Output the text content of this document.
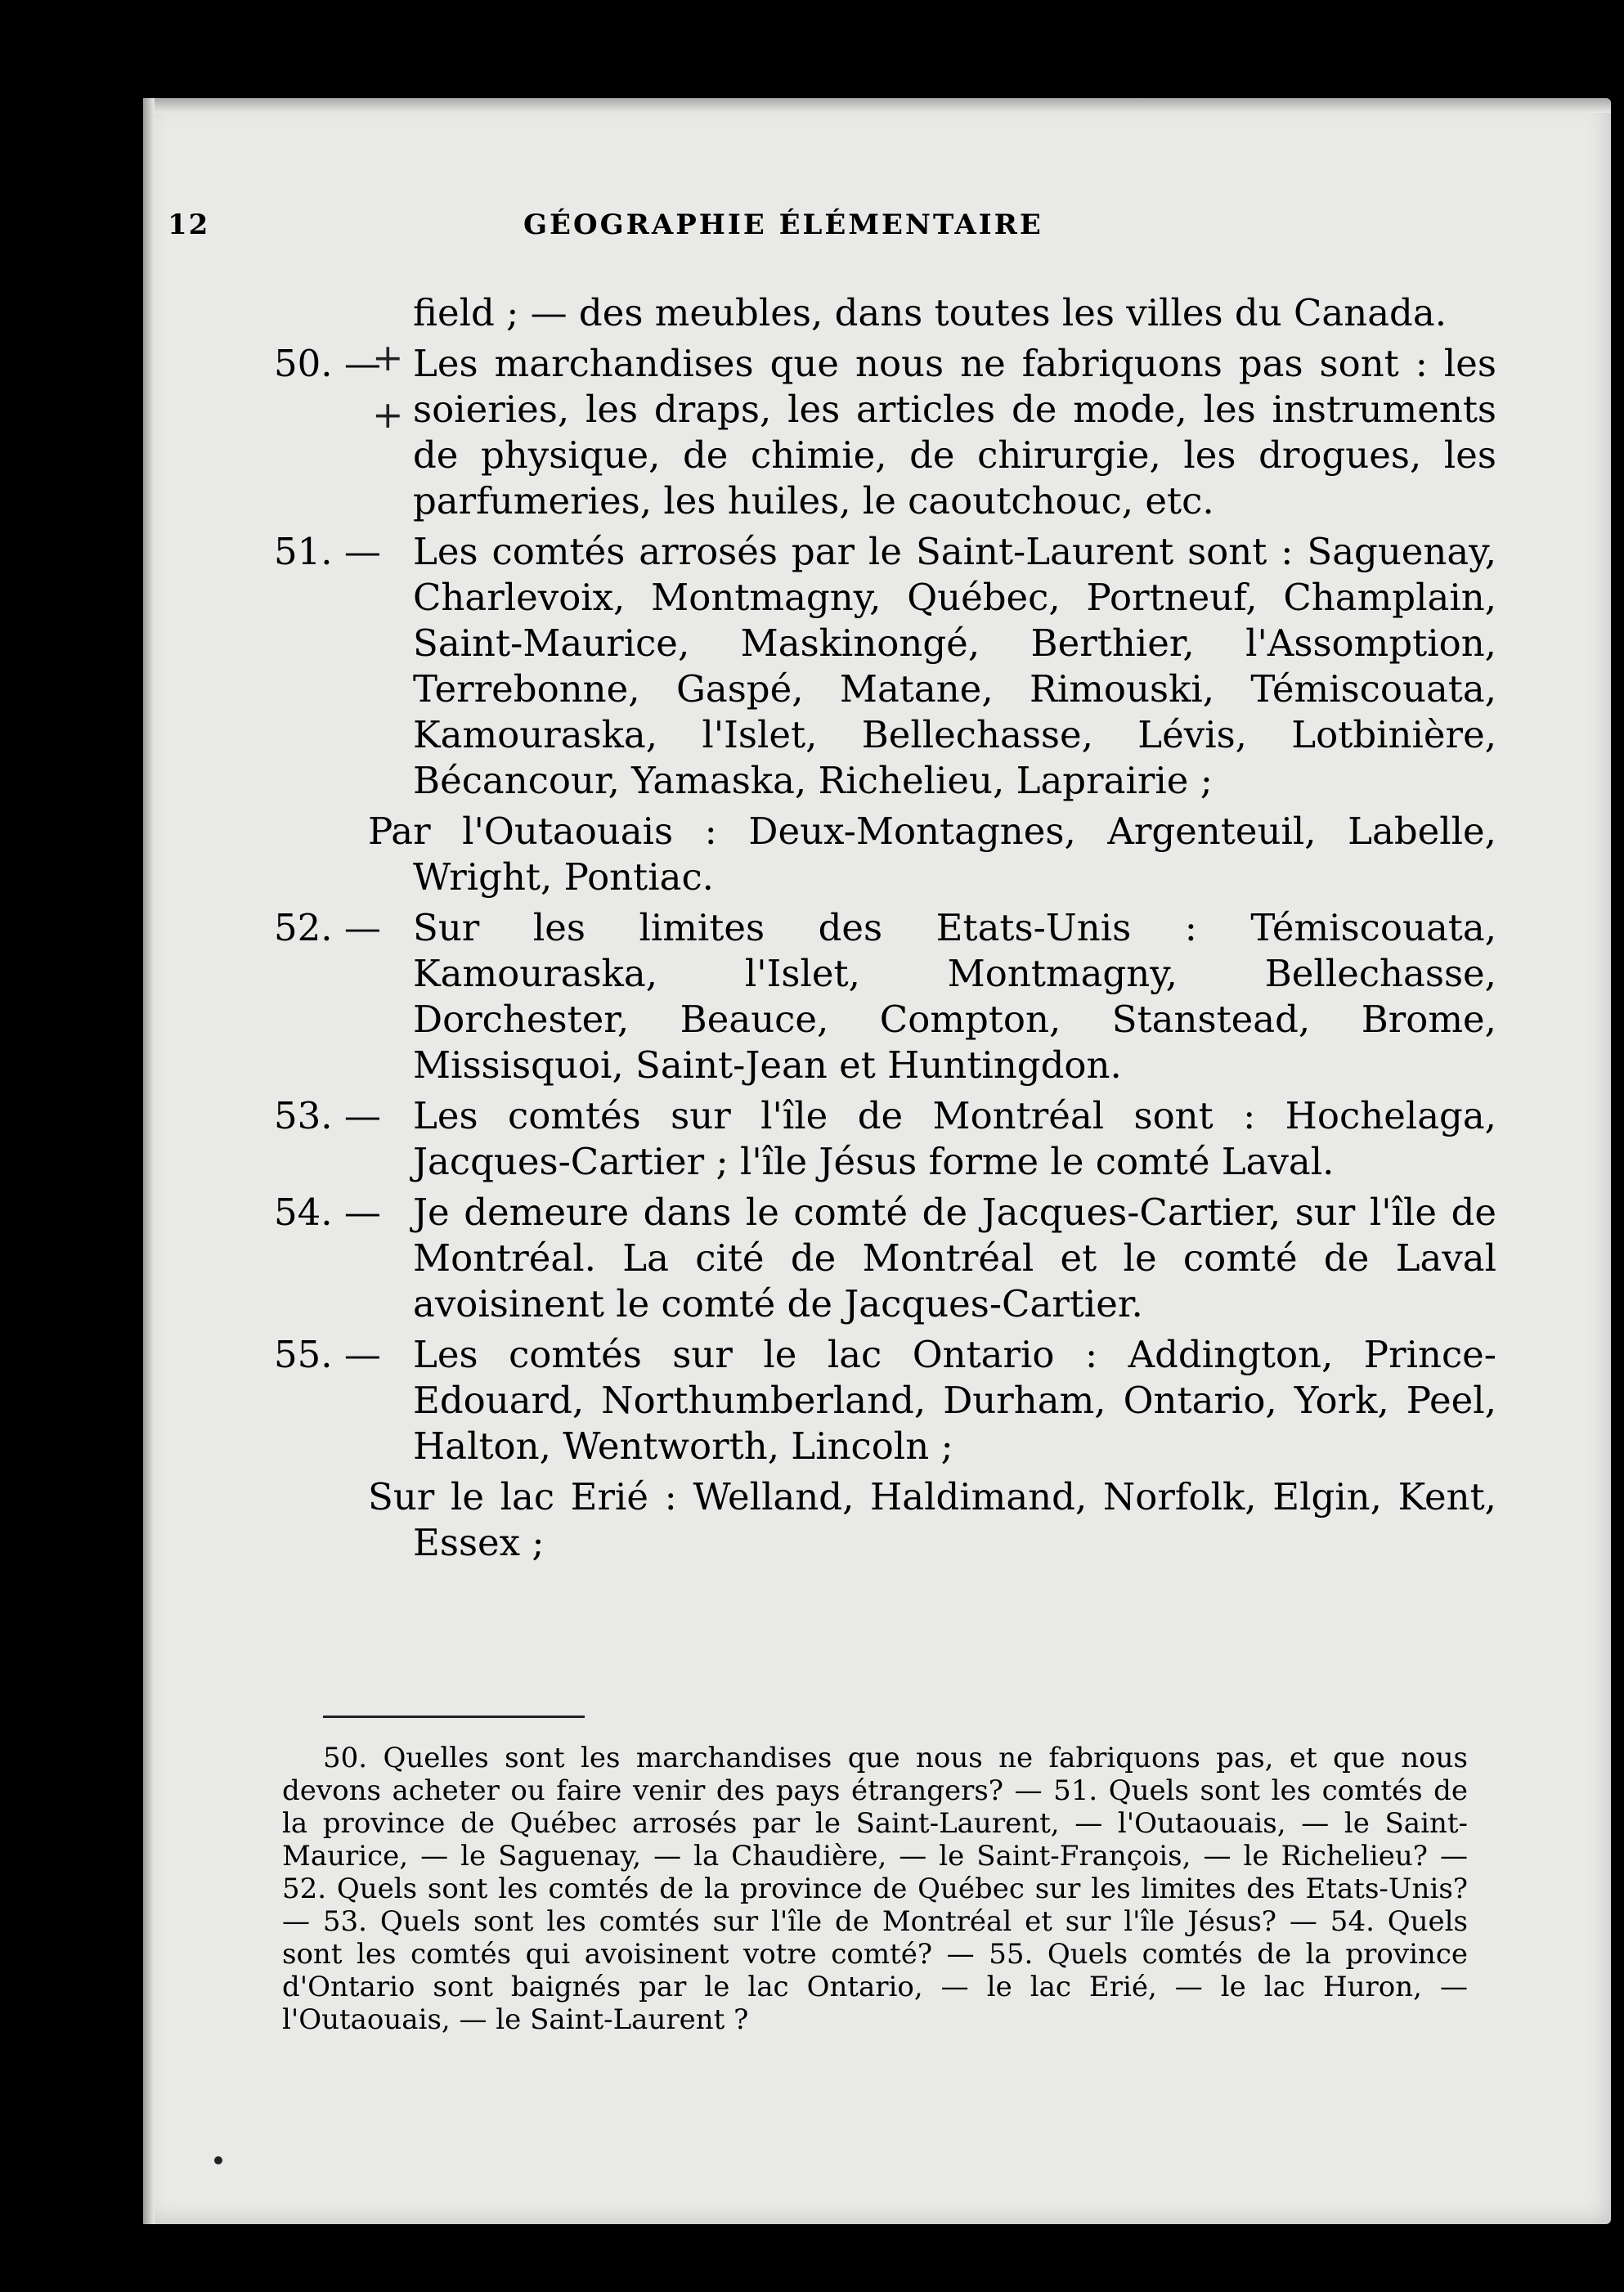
12	GÉOGRAPHIE ÉLÉMENTAIRE
+
+
field ; — des meubles, dans toutes les villes du Canada.
50. — Les marchandises que nous ne fabriquons pas sont : les soieries, les draps, les articles de mode, les instruments de physique, de chimie, de chirurgie, les drogues, les parfumeries, les huiles, le caoutchouc, etc.
51. — Les comtés arrosés par le Saint-Laurent sont : Saguenay, Charlevoix, Montmagny, Québec, Portneuf, Champlain, Saint-Maurice, Maskinongé, Berthier, l'Assomption, Terrebonne, Gaspé, Matane, Rimouski, Témiscouata, Kamouraska, l'Islet, Bellechasse, Lévis, Lotbinière, Bécancour, Yamaska, Richelieu, Laprairie ;
Par l'Outaouais : Deux-Montagnes, Argenteuil, Labelle, Wright, Pontiac.
52. — Sur les limites des Etats-Unis : Témiscouata, Kamouraska, l'Islet, Montmagny, Bellechasse, Dorchester, Beauce, Compton, Stanstead, Brome, Missisquoi, Saint-Jean et Huntingdon.
53. — Les comtés sur l'île de Montréal sont : Hochelaga, Jacques-Cartier ; l'île Jésus forme le comté Laval.
54. — Je demeure dans le comté de Jacques-Cartier, sur l'île de Montréal. La cité de Montréal et le comté de Laval avoisinent le comté de Jacques-Cartier.
55. — Les comtés sur le lac Ontario : Addington, Prince-Edouard, Northumberland, Durham, Ontario, York, Peel, Halton, Wentworth, Lincoln ;
Sur le lac Erié : Welland, Haldimand, Norfolk, Elgin, Kent, Essex ;
50. Quelles sont les marchandises que nous ne fabriquons pas, et que nous devons acheter ou faire venir des pays étrangers? — 51. Quels sont les comtés de la province de Québec arrosés par le Saint-Laurent, — l'Outaouais, — le Saint-Maurice, — le Saguenay, — la Chaudière, — le Saint-François, — le Richelieu? — 52. Quels sont les comtés de la province de Québec sur les limites des Etats-Unis? — 53. Quels sont les comtés sur l'île de Montréal et sur l'île Jésus? — 54. Quels sont les comtés qui avoisinent votre comté? — 55. Quels comtés de la province d'Ontario sont baignés par le lac Ontario, — le lac Erié, — le lac Huron, — l'Outaouais, — le Saint-Laurent ?
